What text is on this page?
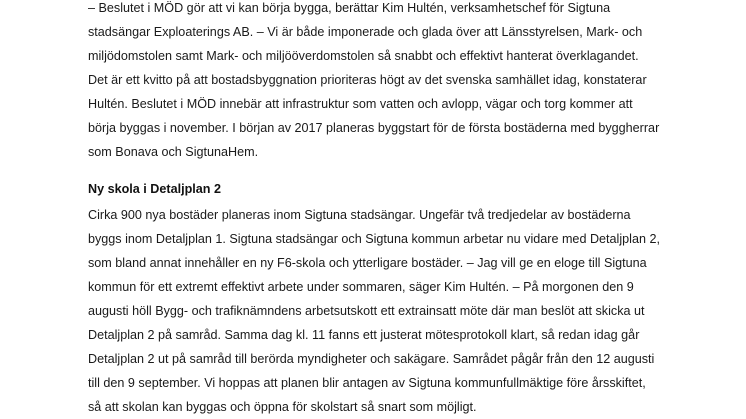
– Beslutet i MÖD gör att vi kan börja bygga, berättar Kim Hultén, verksamhetschef för Sigtuna

stadsängar Exploaterings AB. – Vi är både imponerade och glada över att Länsstyrelsen, Mark- och

miljödomstolen samt Mark- och miljööverdomstolen så snabbt och effektivt hanterat överklagandet.

Det är ett kvitto på att bostadsbyggnation prioriteras högt av det svenska samhället idag, konstaterar

Hultén. Beslutet i MÖD innebär att infrastruktur som vatten och avlopp, vägar och torg kommer att

börja byggas i november. I början av 2017 planeras byggstart för de första bostäderna med byggherrar

som Bonava och SigtunaHem.

Ny skola i Detaljplan 2

Cirka 900 nya bostäder planeras inom Sigtuna stadsängar. Ungefär två tredjedelar av bostäderna

byggs inom Detaljplan 1. Sigtuna stadsängar och Sigtuna kommun arbetar nu vidare med Detaljplan 2,

som bland annat innehåller en ny F6-skola och ytterligare bostäder. – Jag vill ge en eloge till Sigtuna

kommun för ett extremt effektivt arbete under sommaren, säger Kim Hultén. – På morgonen den 9

augusti höll Bygg- och trafiknämndens arbetsutskott ett extrainsatt möte där man beslöt att skicka ut

Detaljplan 2 på samråd. Samma dag kl. 11 fanns ett justerat mötesprotokoll klart, så redan idag går

Detaljplan 2 ut på samråd till berörda myndigheter och sakägare. Samrådet pågår från den 12 augusti

till den 9 september. Vi hoppas att planen blir antagen av Sigtuna kommunfullmäktige före årsskiftet,

så att skolan kan byggas och öppna för skolstart så snart som möjligt.
